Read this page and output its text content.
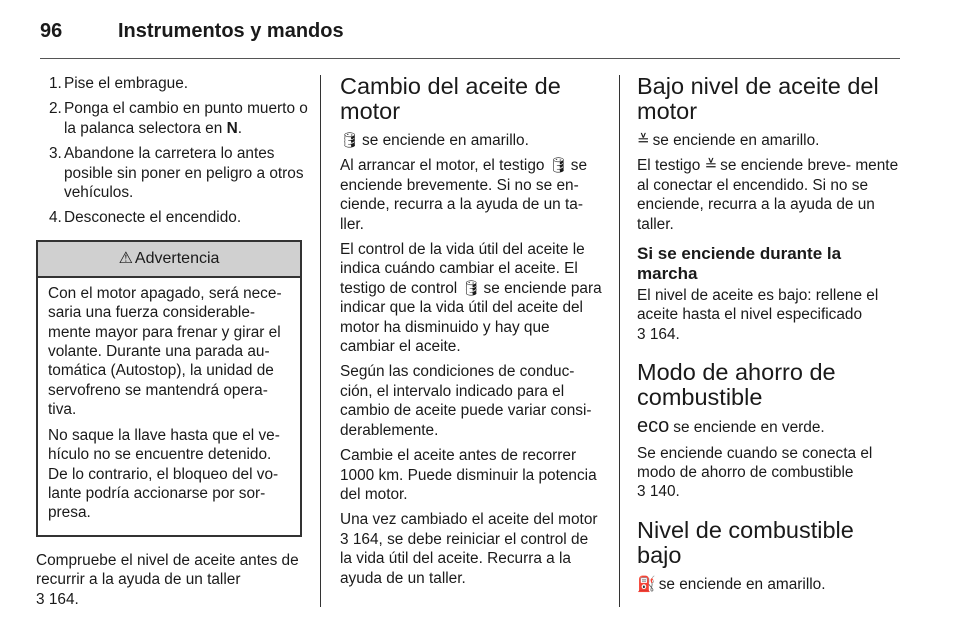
96	Instrumentos y mandos
1. Pise el embrague.
2. Ponga el cambio en punto muerto o la palanca selectora en N.
3. Abandone la carretera lo antes posible sin poner en peligro a otros vehículos.
4. Desconecte el encendido.
⚠ Advertencia

Con el motor apagado, será nece- saria una fuerza considerable- mente mayor para frenar y girar el volante. Durante una parada au- tomática (Autostop), la unidad de servofreno se mantendrá opera- tiva.

No saque la llave hasta que el ve- hículo no se encuentre detenido. De lo contrario, el bloqueo del vo- lante podría accionarse por sor- presa.

Compruebe el nivel de aceite antes de recurrir a la ayuda de un taller
3 164.

Cambio del aceite de motor

🛢 se enciende en amarillo.

Al arrancar el motor, el testigo 🛢 se enciende brevemente. Si no se en- ciende, recurra a la ayuda de un ta- ller.

El control de la vida útil del aceite le indica cuándo cambiar el aceite. El testigo de control 🛢 se enciende para indicar que la vida útil del aceite del motor ha disminuido y hay que cambiar el aceite.

Según las condiciones de conduc- ción, el intervalo indicado para el cambio de aceite puede variar consi- derablemente.

Cambie el aceite antes de recorrer 1000 km. Puede disminuir la potencia del motor.

Una vez cambiado el aceite del motor 3 164, se debe reiniciar el control de la vida útil del aceite. Recurra a la ayuda de un taller.

Bajo nivel de aceite del motor

≚ se enciende en amarillo.

El testigo ≚ se enciende breve- mente al conectar el encendido. Si no se enciende, recurra a la ayuda de un taller.

Si se enciende durante la marcha

El nivel de aceite es bajo: rellene el aceite hasta el nivel especificado
3 164.

Modo de ahorro de combustible

eco se enciende en verde.

Se enciende cuando se conecta el modo de ahorro de combustible
3 140.

Nivel de combustible bajo

⛽ se enciende en amarillo.
